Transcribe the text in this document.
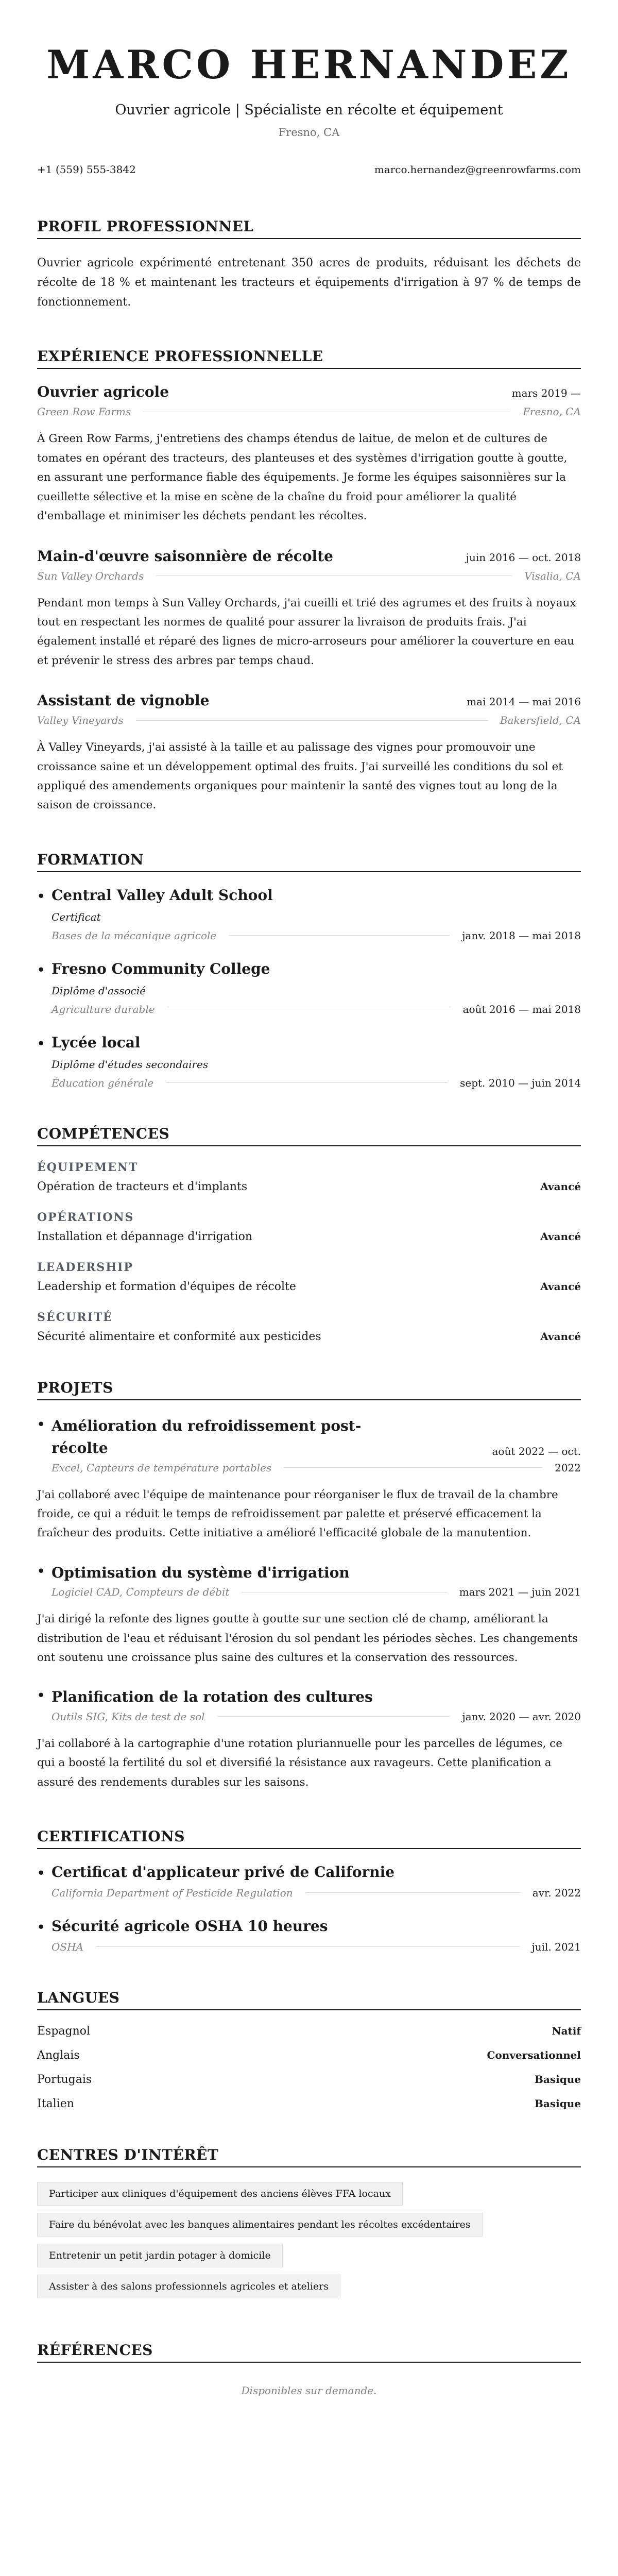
MARCO HERNANDEZ
Ouvrier agricole | Spécialiste en récolte et équipement
Fresno, CA
+1 (559) 555-3842	marco.hernandez@greenrowfarms.com
PROFIL PROFESSIONNEL

Ouvrier agricole expérimenté entretenant 350 acres de produits, réduisant les déchets de récolte de 18 % et maintenant les tracteurs et équipements d'irrigation à 97 % de temps de fonctionnement.

EXPÉRIENCE PROFESSIONNELLE
Ouvrier agricole	mars 2019 —
Green Row Farms	Fresno, CA

À Green Row Farms, j'entretiens des champs étendus de laitue, de melon et de cultures de tomates en opérant des tracteurs, des planteuses et des systèmes d'irrigation goutte à goutte, en assurant une performance fiable des équipements. Je forme les équipes saisonnières sur la cueillette sélective et la mise en scène de la chaîne du froid pour améliorer la qualité d'emballage et minimiser les déchets pendant les récoltes.

Main-d'œuvre saisonnière de récolte	juin 2016 — oct. 2018
Sun Valley Orchards	Visalia, CA

Pendant mon temps à Sun Valley Orchards, j'ai cueilli et trié des agrumes et des fruits à noyaux tout en respectant les normes de qualité pour assurer la livraison de produits frais. J'ai également installé et réparé des lignes de micro-arroseurs pour améliorer la couverture en eau et prévenir le stress des arbres par temps chaud.

Assistant de vignoble	mai 2014 — mai 2016
Valley Vineyards	Bakersfield, CA

À Valley Vineyards, j'ai assisté à la taille et au palissage des vignes pour promouvoir une croissance saine et un développement optimal des fruits. J'ai surveillé les conditions du sol et appliqué des amendements organiques pour maintenir la santé des vignes tout au long de la saison de croissance.

FORMATION
• Central Valley Adult School
Certificat
Bases de la mécanique agricole	janv. 2018 — mai 2018
• Fresno Community College
Diplôme d'associé
Agriculture durable	août 2016 — mai 2018
• Lycée local
Diplôme d'études secondaires
Éducation générale	sept. 2010 — juin 2014
COMPÉTENCES
ÉQUIPEMENT
Opération de tracteurs et d'implants	Avancé
OPÉRATIONS
Installation et dépannage d'irrigation	Avancé
LEADERSHIP
Leadership et formation d'équipes de récolte	Avancé
SÉCURITÉ
Sécurité alimentaire et conformité aux pesticides	Avancé
PROJETS
• Amélioration du refroidissement post-récolte	août 2022 — oct.
Excel, Capteurs de température portables	2022

J'ai collaboré avec l'équipe de maintenance pour réorganiser le flux de travail de la chambre froide, ce qui a réduit le temps de refroidissement par palette et préservé efficacement la fraîcheur des produits. Cette initiative a amélioré l'efficacité globale de la manutention.

• Optimisation du système d'irrigation
Logiciel CAD, Compteurs de débit	mars 2021 — juin 2021

J'ai dirigé la refonte des lignes goutte à goutte sur une section clé de champ, améliorant la distribution de l'eau et réduisant l'érosion du sol pendant les périodes sèches. Les changements ont soutenu une croissance plus saine des cultures et la conservation des ressources.

• Planification de la rotation des cultures
Outils SIG, Kits de test de sol	janv. 2020 — avr. 2020

J'ai collaboré à la cartographie d'une rotation pluriannuelle pour les parcelles de légumes, ce qui a boosté la fertilité du sol et diversifié la résistance aux ravageurs. Cette planification a assuré des rendements durables sur les saisons.

CERTIFICATIONS
• Certificat d'applicateur privé de Californie
California Department of Pesticide Regulation	avr. 2022
• Sécurité agricole OSHA 10 heures
OSHA	juil. 2021
LANGUES
Espagnol	Natif
Anglais	Conversationnel
Portugais	Basique
Italien	Basique
CENTRES D'INTÉRÊT
Participer aux cliniques d'équipement des anciens élèves FFA locaux
Faire du bénévolat avec les banques alimentaires pendant les récoltes excédentaires
Entretenir un petit jardin potager à domicile
Assister à des salons professionnels agricoles et ateliers
RÉFÉRENCES

Disponibles sur demande.
